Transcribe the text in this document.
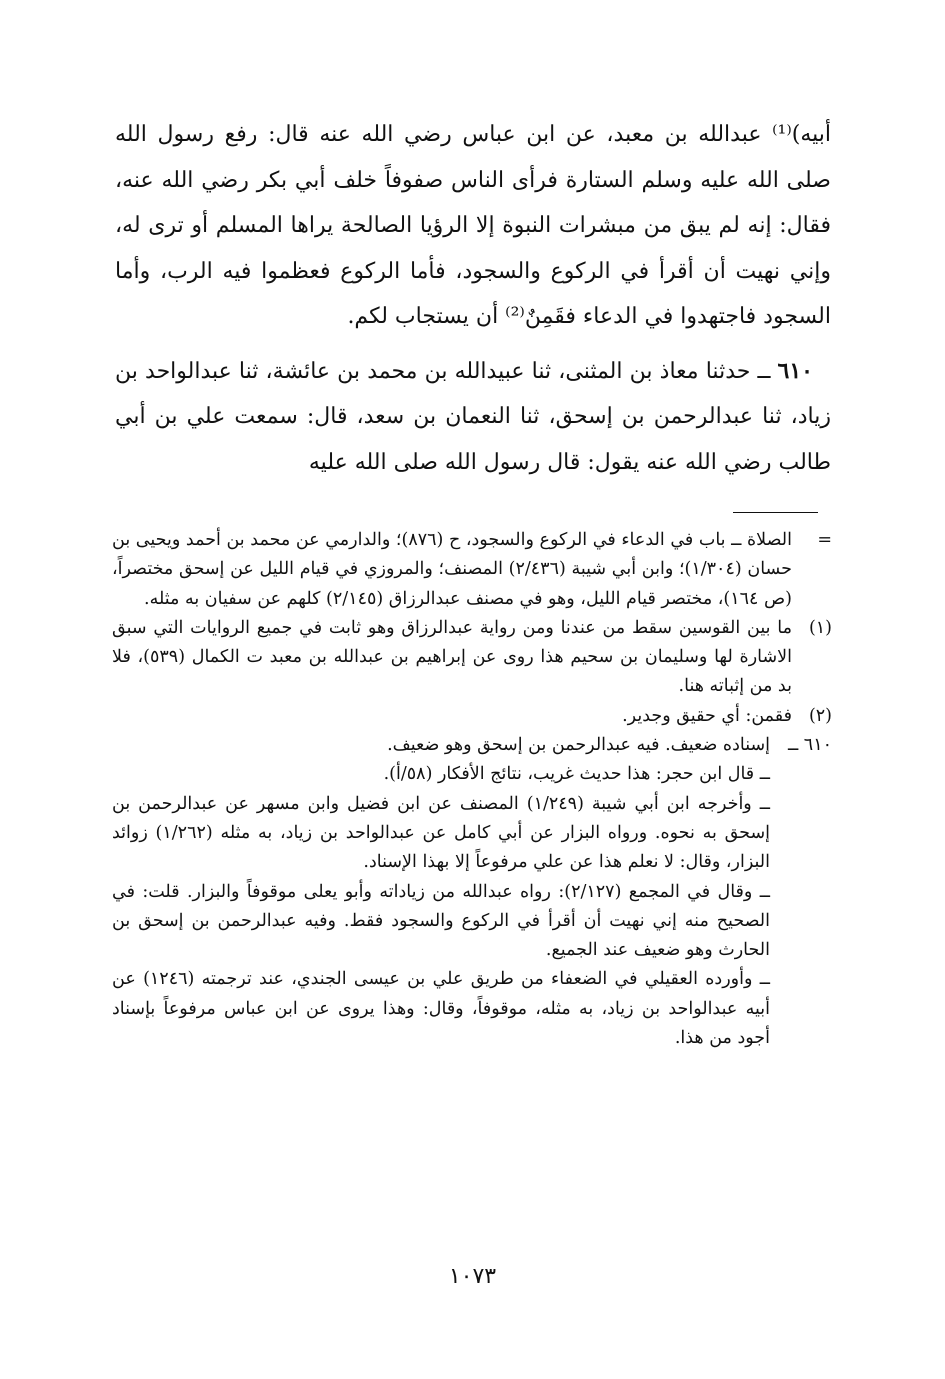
أبيه)⁽¹⁾ عبدالله بن معبد، عن ابن عباس رضي الله عنه قال: رفع رسول الله صلى الله عليه وسلم الستارة فرأى الناس صفوفاً خلف أبي بكر رضي الله عنه، فقال: إنه لم يبق من مبشرات النبوة إلا الرؤيا الصالحة يراها المسلم أو ترى له، وإني نهيت أن أقرأ في الركوع والسجود، فأما الركوع فعظموا فيه الرب، وأما السجود فاجتهدوا في الدعاء فقَمِنٌ⁽²⁾ أن يستجاب لكم.

٦١٠ ــ حدثنا معاذ بن المثنى، ثنا عبيدالله بن محمد بن عائشة، ثنا عبدالواحد بن زياد، ثنا عبدالرحمن بن إسحق، ثنا النعمان بن سعد، قال: سمعت علي بن أبي طالب رضي الله عنه يقول: قال رسول الله صلى الله عليه

=
الصلاة ــ باب في الدعاء في الركوع والسجود، ح (٨٧٦)؛ والدارمي عن محمد بن أحمد ويحيى بن حسان (١/٣٠٤)؛ وابن أبي شيبة (٢/٤٣٦) المصنف؛ والمروزي في قيام الليل عن إسحق مختصراً، (ص ١٦٤)، مختصر قيام الليل، وهو في مصنف عبدالرزاق (٢/١٤٥) كلهم عن سفيان به مثله.
(١)
ما بين القوسين سقط من عندنا ومن رواية عبدالرزاق وهو ثابت في جميع الروايات التي سبق الاشارة لها وسليمان بن سحيم هذا روى عن إبراهيم بن عبدالله بن معبد ت الكمال (٥٣٩)، فلا بد من إثباته هنا.
(٢)
فقمن: أي حقيق وجدير.
٦١٠ ــ
إسناده ضعيف. فيه عبدالرحمن بن إسحق وهو ضعيف.

ــ قال ابن حجر: هذا حديث غريب، نتائج الأفكار (٥٨/أ).

ــ وأخرجه ابن أبي شيبة (١/٢٤٩) المصنف عن ابن فضيل وابن مسهر عن عبدالرحمن بن إسحق به نحوه. ورواه البزار عن أبي كامل عن عبدالواحد بن زياد، به مثله (١/٢٦٢) زوائد البزار، وقال: لا نعلم هذا عن علي مرفوعاً إلا بهذا الإسناد.

ــ وقال في المجمع (٢/١٢٧): رواه عبدالله من زياداته وأبو يعلى موقوفاً والبزار. قلت: في الصحيح منه إني نهيت أن أقرأ في الركوع والسجود فقط. وفيه عبدالرحمن بن إسحق بن الحارث وهو ضعيف عند الجميع.

ــ وأورده العقيلي في الضعفاء من طريق علي بن عيسى الجندي، عند ترجمته (١٢٤٦) عن أبيه عبدالواحد بن زياد، به مثله، موقوفاً، وقال: وهذا يروى عن ابن عباس مرفوعاً بإسناد أجود من هذا.

١٠٧٣
